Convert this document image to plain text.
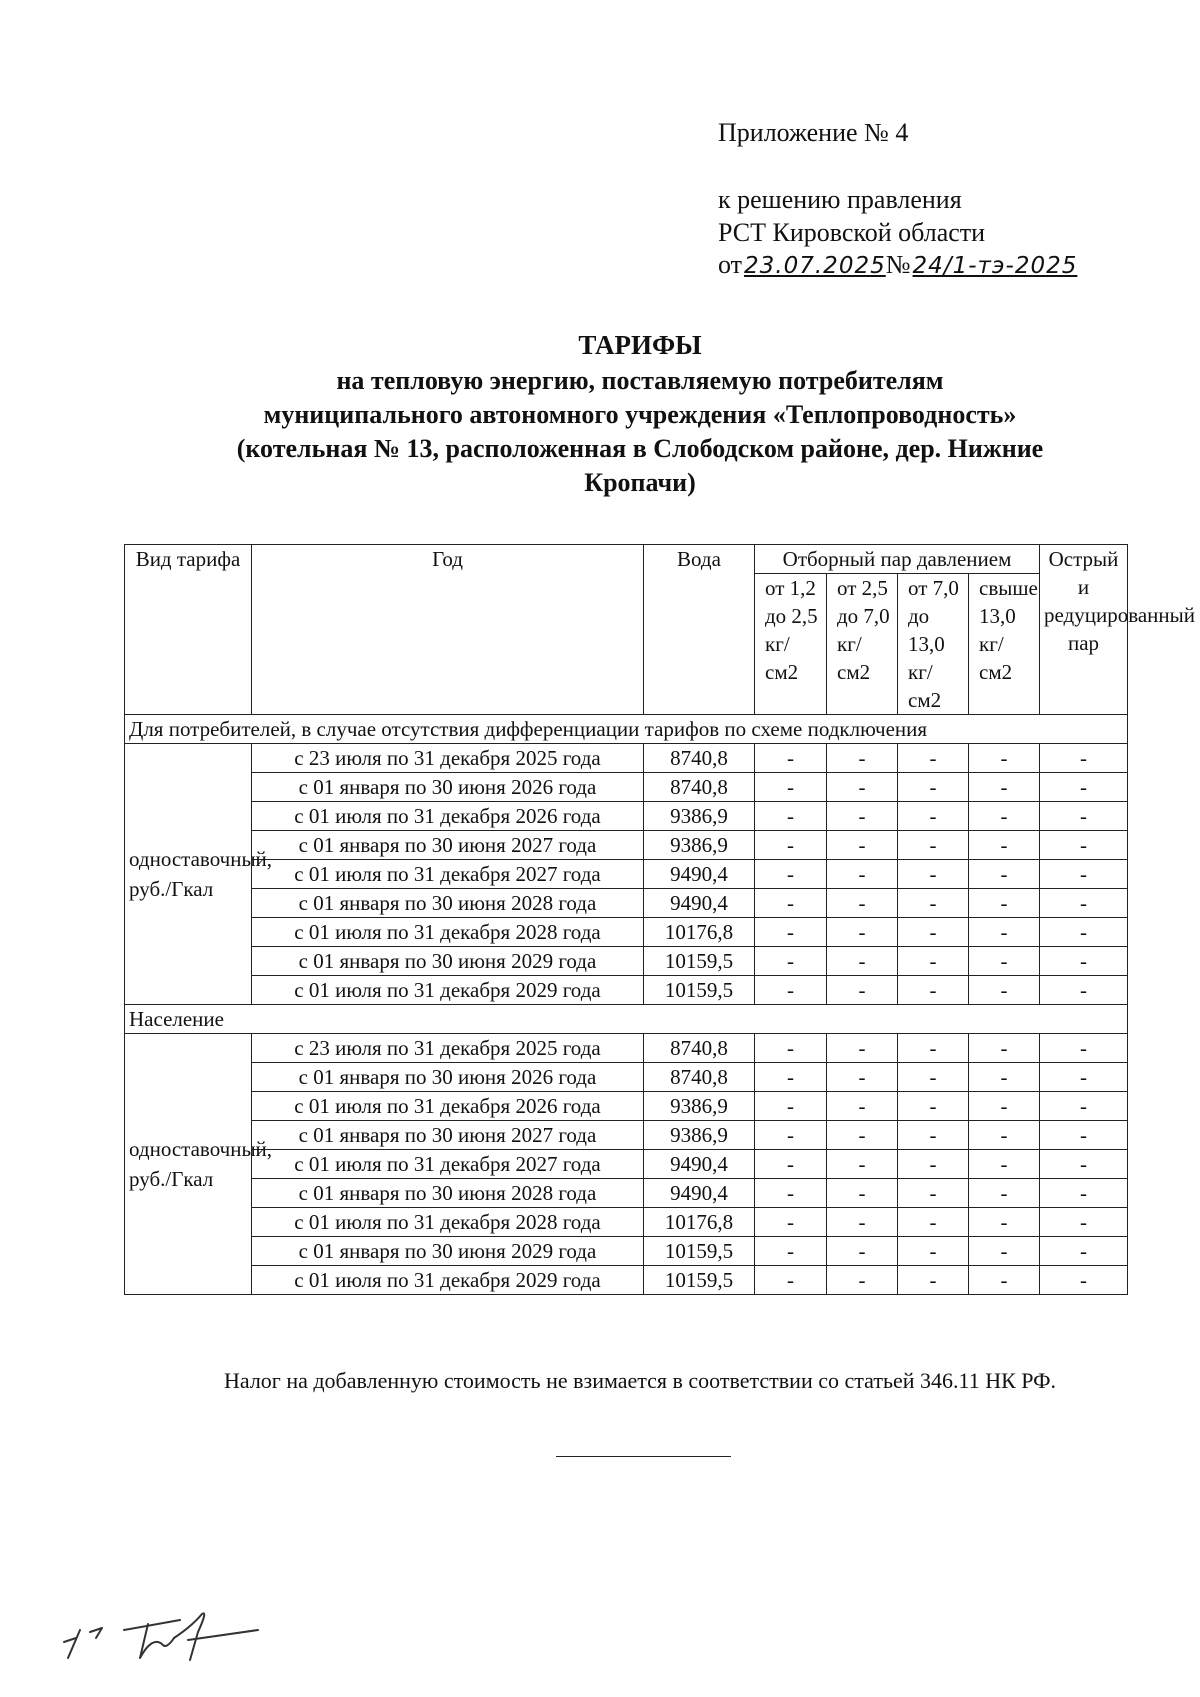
Приложение № 4
к решению правления
РСТ Кировской области
от23.07.2025№24/1-тэ-2025
ТАРИФЫ
на тепловую энергию, поставляемую потребителям
муниципального автономного учреждения «Теплопроводность»
(котельная № 13, расположенная в Слободском районе, дер. Нижние
Кропачи)
Вид тарифа	Год	Вода	Отборный пар давлением				Острый и редуцированный пар
			от 1,2 до 2,5 кг/см2	от 2,5 до 7,0 кг/см2	от 7,0 до 13,0 кг/см2	свыше 13,0 кг/см2	
Для потребителей, в случае отсутствия дифференциации тарифов по схеме подключения							
одноставочный, руб./Гкал	с 23 июля по 31 декабря 2025 года	8740,8	-	-	-	-	-
	с 01 января по 30 июня 2026 года	8740,8	-	-	-	-	-
	с 01 июля по 31 декабря 2026 года	9386,9	-	-	-	-	-
	с 01 января по 30 июня 2027 года	9386,9	-	-	-	-	-
	с 01 июля по 31 декабря 2027 года	9490,4	-	-	-	-	-
	с 01 января по 30 июня 2028 года	9490,4	-	-	-	-	-
	с 01 июля по 31 декабря 2028 года	10176,8	-	-	-	-	-
	с 01 января по 30 июня 2029 года	10159,5	-	-	-	-	-
	с 01 июля по 31 декабря 2029 года	10159,5	-	-	-	-	-
Население							
одноставочный, руб./Гкал	с 23 июля по 31 декабря 2025 года	8740,8	-	-	-	-	-
	с 01 января по 30 июня 2026 года	8740,8	-	-	-	-	-
	с 01 июля по 31 декабря 2026 года	9386,9	-	-	-	-	-
	с 01 января по 30 июня 2027 года	9386,9	-	-	-	-	-
	с 01 июля по 31 декабря 2027 года	9490,4	-	-	-	-	-
	с 01 января по 30 июня 2028 года	9490,4	-	-	-	-	-
	с 01 июля по 31 декабря 2028 года	10176,8	-	-	-	-	-
	с 01 января по 30 июня 2029 года	10159,5	-	-	-	-	-
	с 01 июля по 31 декабря 2029 года	10159,5	-	-	-	-	-
Налог на добавленную стоимость не взимается в соответствии со статьей 346.11 НК РФ.
